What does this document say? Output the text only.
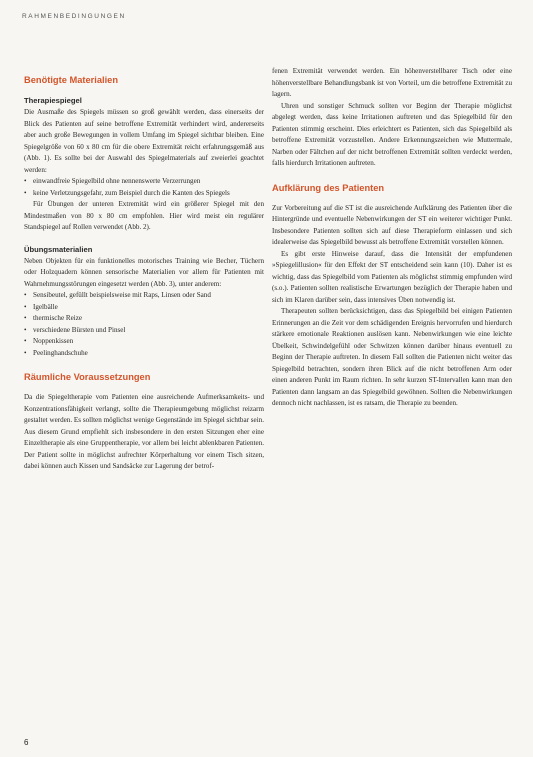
RAHMENBEDINGUNGEN
Benötigte Materialien
Therapiespiegel

Die Ausmaße des Spiegels müssen so groß gewählt werden, dass einerseits der Blick des Patienten auf seine betroffene Extremität verhindert wird, andererseits aber auch große Bewegungen in vollem Umfang im Spiegel sichtbar bleiben. Eine Spiegelgröße von 60 x 80 cm für die obere Extremität reicht erfahrungsgemäß aus (Abb. 1). Es sollte bei der Auswahl des Spiegelmaterials auf zweierlei geachtet werden:

• einwandfreie Spiegelbild ohne nennenswerte Verzerrungen
• keine Verletzungsgefahr, zum Beispiel durch die Kanten des Spiegels

Für Übungen der unteren Extremität wird ein größerer Spiegel mit den Mindestmaßen von 80 x 80 cm empfohlen. Hier wird meist ein regulärer Standspiegel auf Rollen verwendet (Abb. 2).

Übungsmaterialien

Neben Objekten für ein funktionelles motorisches Training wie Becher, Tüchern oder Holzquadern können sensorische Materialien vor allem für Patienten mit Wahrnehmungsstörungen eingesetzt werden (Abb. 3), unter anderem:

• Sensibeutel, gefüllt beispielsweise mit Raps, Linsen oder Sand
• Igelbälle
• thermische Reize
• verschiedene Bürsten und Pinsel
• Noppenkissen
• Peelinghandschuhe
Räumliche Voraussetzungen

Da die Spiegeltherapie vom Patienten eine ausreichende Aufmerksamkeits- und Konzentrationsfähigkeit verlangt, sollte die Therapieumgebung möglichst reizarm gestaltet werden. Es sollten möglichst wenige Gegenstände im Spiegel sichtbar sein. Aus diesem Grund empfiehlt sich insbesondere in den ersten Sitzungen eher eine Einzeltherapie als eine Gruppentherapie, vor allem bei leicht ablenkbaren Patienten. Der Patient sollte in möglichst aufrechter Körperhaltung vor einem Tisch sitzen, dabei können auch Kissen und Sandsäcke zur Lagerung der betrof-

fenen Extremität verwendet werden. Ein höhenverstellbarer Tisch oder eine höhenverstellbare Behandlungsbank ist von Vorteil, um die betroffene Extremität zu lagern.

Uhren und sonstiger Schmuck sollten vor Beginn der Therapie möglichst abgelegt werden, dass keine Irritationen auftreten und das Spiegelbild für den Patienten stimmig erscheint. Dies erleichtert es Patienten, sich das Spiegelbild als betroffene Extremität vorzustellen. Andere Erkennungszeichen wie Muttermale, Narben oder Fältchen auf der nicht betroffenen Extremität sollten verdeckt werden, falls hierdurch Irritationen auftreten.

Aufklärung des Patienten

Zur Vorbereitung auf die ST ist die ausreichende Aufklärung des Patienten über die Hintergründe und eventuelle Nebenwirkungen der ST ein weiterer wichtiger Punkt. Insbesondere Patienten sollten sich auf diese Therapieform einlassen und sich idealerweise das Spiegelbild bewusst als betroffene Extremität vorstellen können.

Es gibt erste Hinweise darauf, dass die Intensität der empfundenen »Spiegelillusion« für den Effekt der ST entscheidend sein kann (10). Daher ist es wichtig, dass das Spiegelbild vom Patienten als möglichst stimmig empfunden wird (s.o.). Patienten sollten realistische Erwartungen bezüglich der Therapie haben und sich im Klaren darüber sein, dass intensives Üben notwendig ist.

Therapeuten sollten berücksichtigen, dass das Spiegelbild bei einigen Patienten Erinnerungen an die Zeit vor dem schädigenden Ereignis hervorrufen und hierdurch stärkere emotionale Reaktionen auslösen kann. Nebenwirkungen wie eine leichte Übelkeit, Schwindelgefühl oder Schwitzen können darüber hinaus eventuell zu Beginn der Therapie auftreten. In diesem Fall sollten die Patienten nicht weiter das Spiegelbild betrachten, sondern ihren Blick auf die nicht betroffenen Arm oder einen anderen Punkt im Raum richten. In sehr kurzen ST-Intervallen kann man den Patienten dann langsam an das Spiegelbild gewöhnen. Sollten die Nebenwirkungen dennoch nicht nachlassen, ist es ratsam, die Therapie zu beenden.

6
